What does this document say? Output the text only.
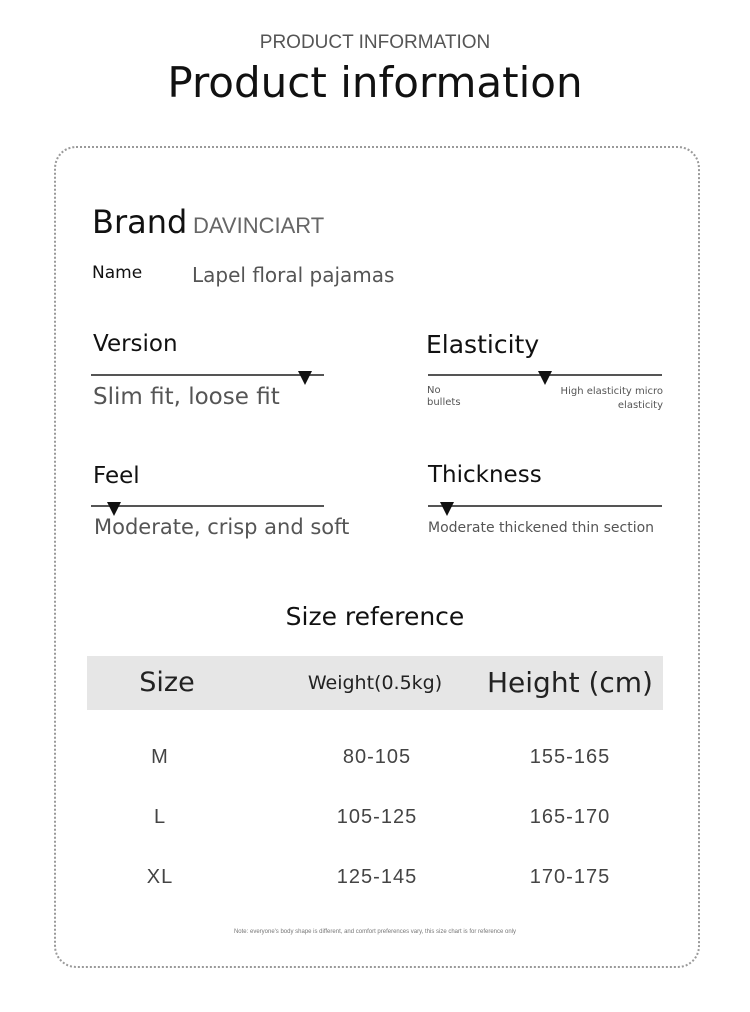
PRODUCT INFORMATION
Product information
Brand DAVINCIART
Name Lapel floral pajamas
Version
Slim fit, loose fit
Elasticity
No bullets
High elasticity micro elasticity
Feel
Moderate, crisp and soft
Thickness
Moderate thickened thin section
Size reference
Size	Weight(0.5kg)	Height (cm)
M	80-105	155-165
L	105-125	165-170
XL	125-145	170-175
Note: everyone's body shape is different, and comfort preferences vary, this size chart is for reference only
